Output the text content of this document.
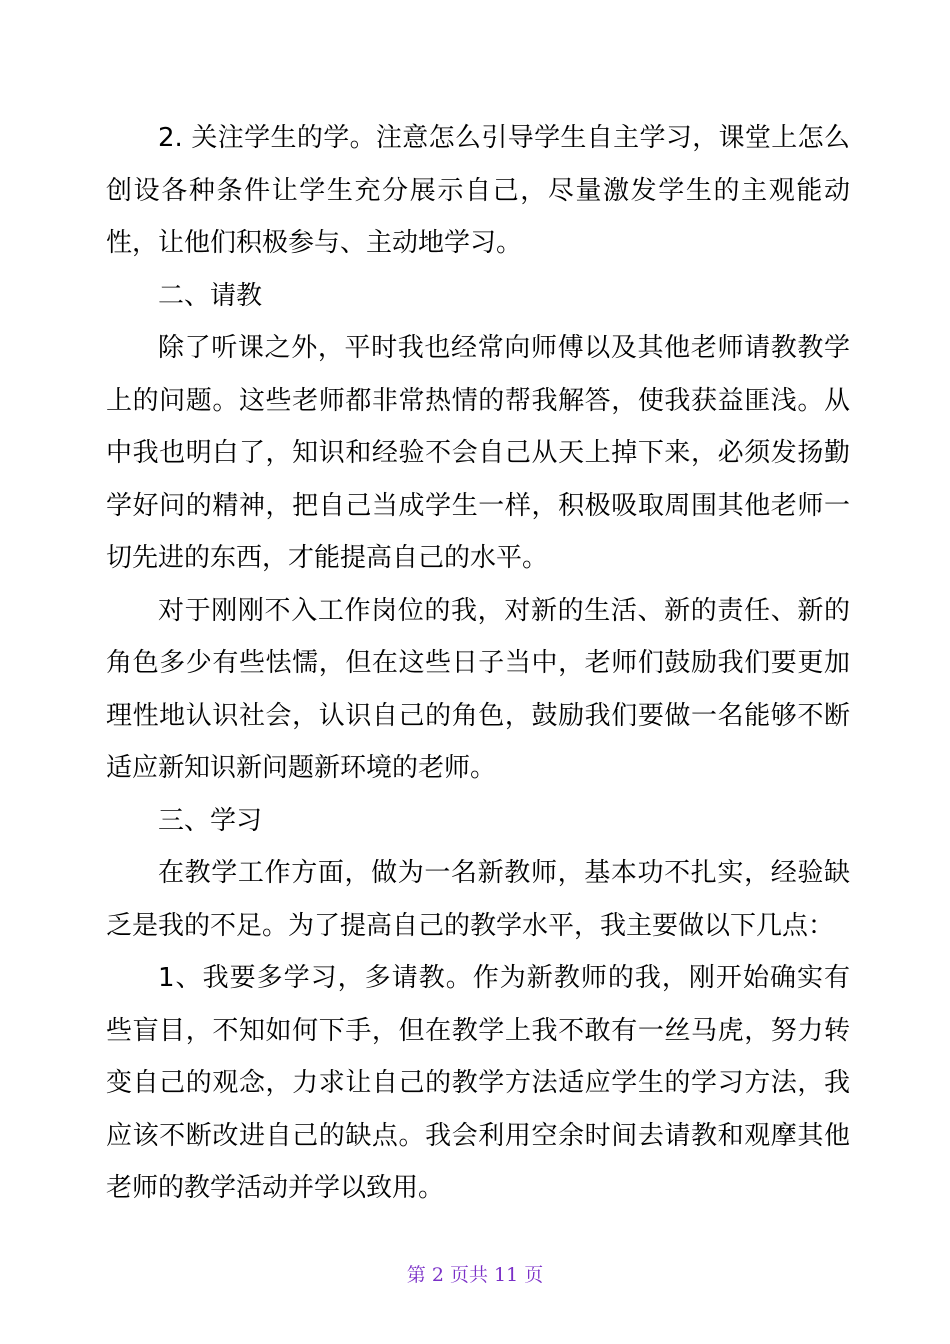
2. 关注学生的学。注意怎么引导学生自主学习，课堂上怎么创设各种条件让学生充分展示自己，尽量激发学生的主观能动性，让他们积极参与、主动地学习。

二、请教

除了听课之外，平时我也经常向师傅以及其他老师请教教学上的问题。这些老师都非常热情的帮我解答，使我获益匪浅。从中我也明白了，知识和经验不会自己从天上掉下来，必须发扬勤学好问的精神，把自己当成学生一样，积极吸取周围其他老师一切先进的东西，才能提高自己的水平。

对于刚刚不入工作岗位的我，对新的生活、新的责任、新的角色多少有些怯懦，但在这些日子当中，老师们鼓励我们要更加理性地认识社会，认识自己的角色，鼓励我们要做一名能够不断适应新知识新问题新环境的老师。

三、学习

在教学工作方面，做为一名新教师，基本功不扎实，经验缺乏是我的不足。为了提高自己的教学水平，我主要做以下几点：

1、我要多学习，多请教。作为新教师的我，刚开始确实有些盲目，不知如何下手，但在教学上我不敢有一丝马虎，努力转变自己的观念，力求让自己的教学方法适应学生的学习方法，我应该不断改进自己的缺点。我会利用空余时间去请教和观摩其他老师的教学活动并学以致用。

第 2 页共 11 页
